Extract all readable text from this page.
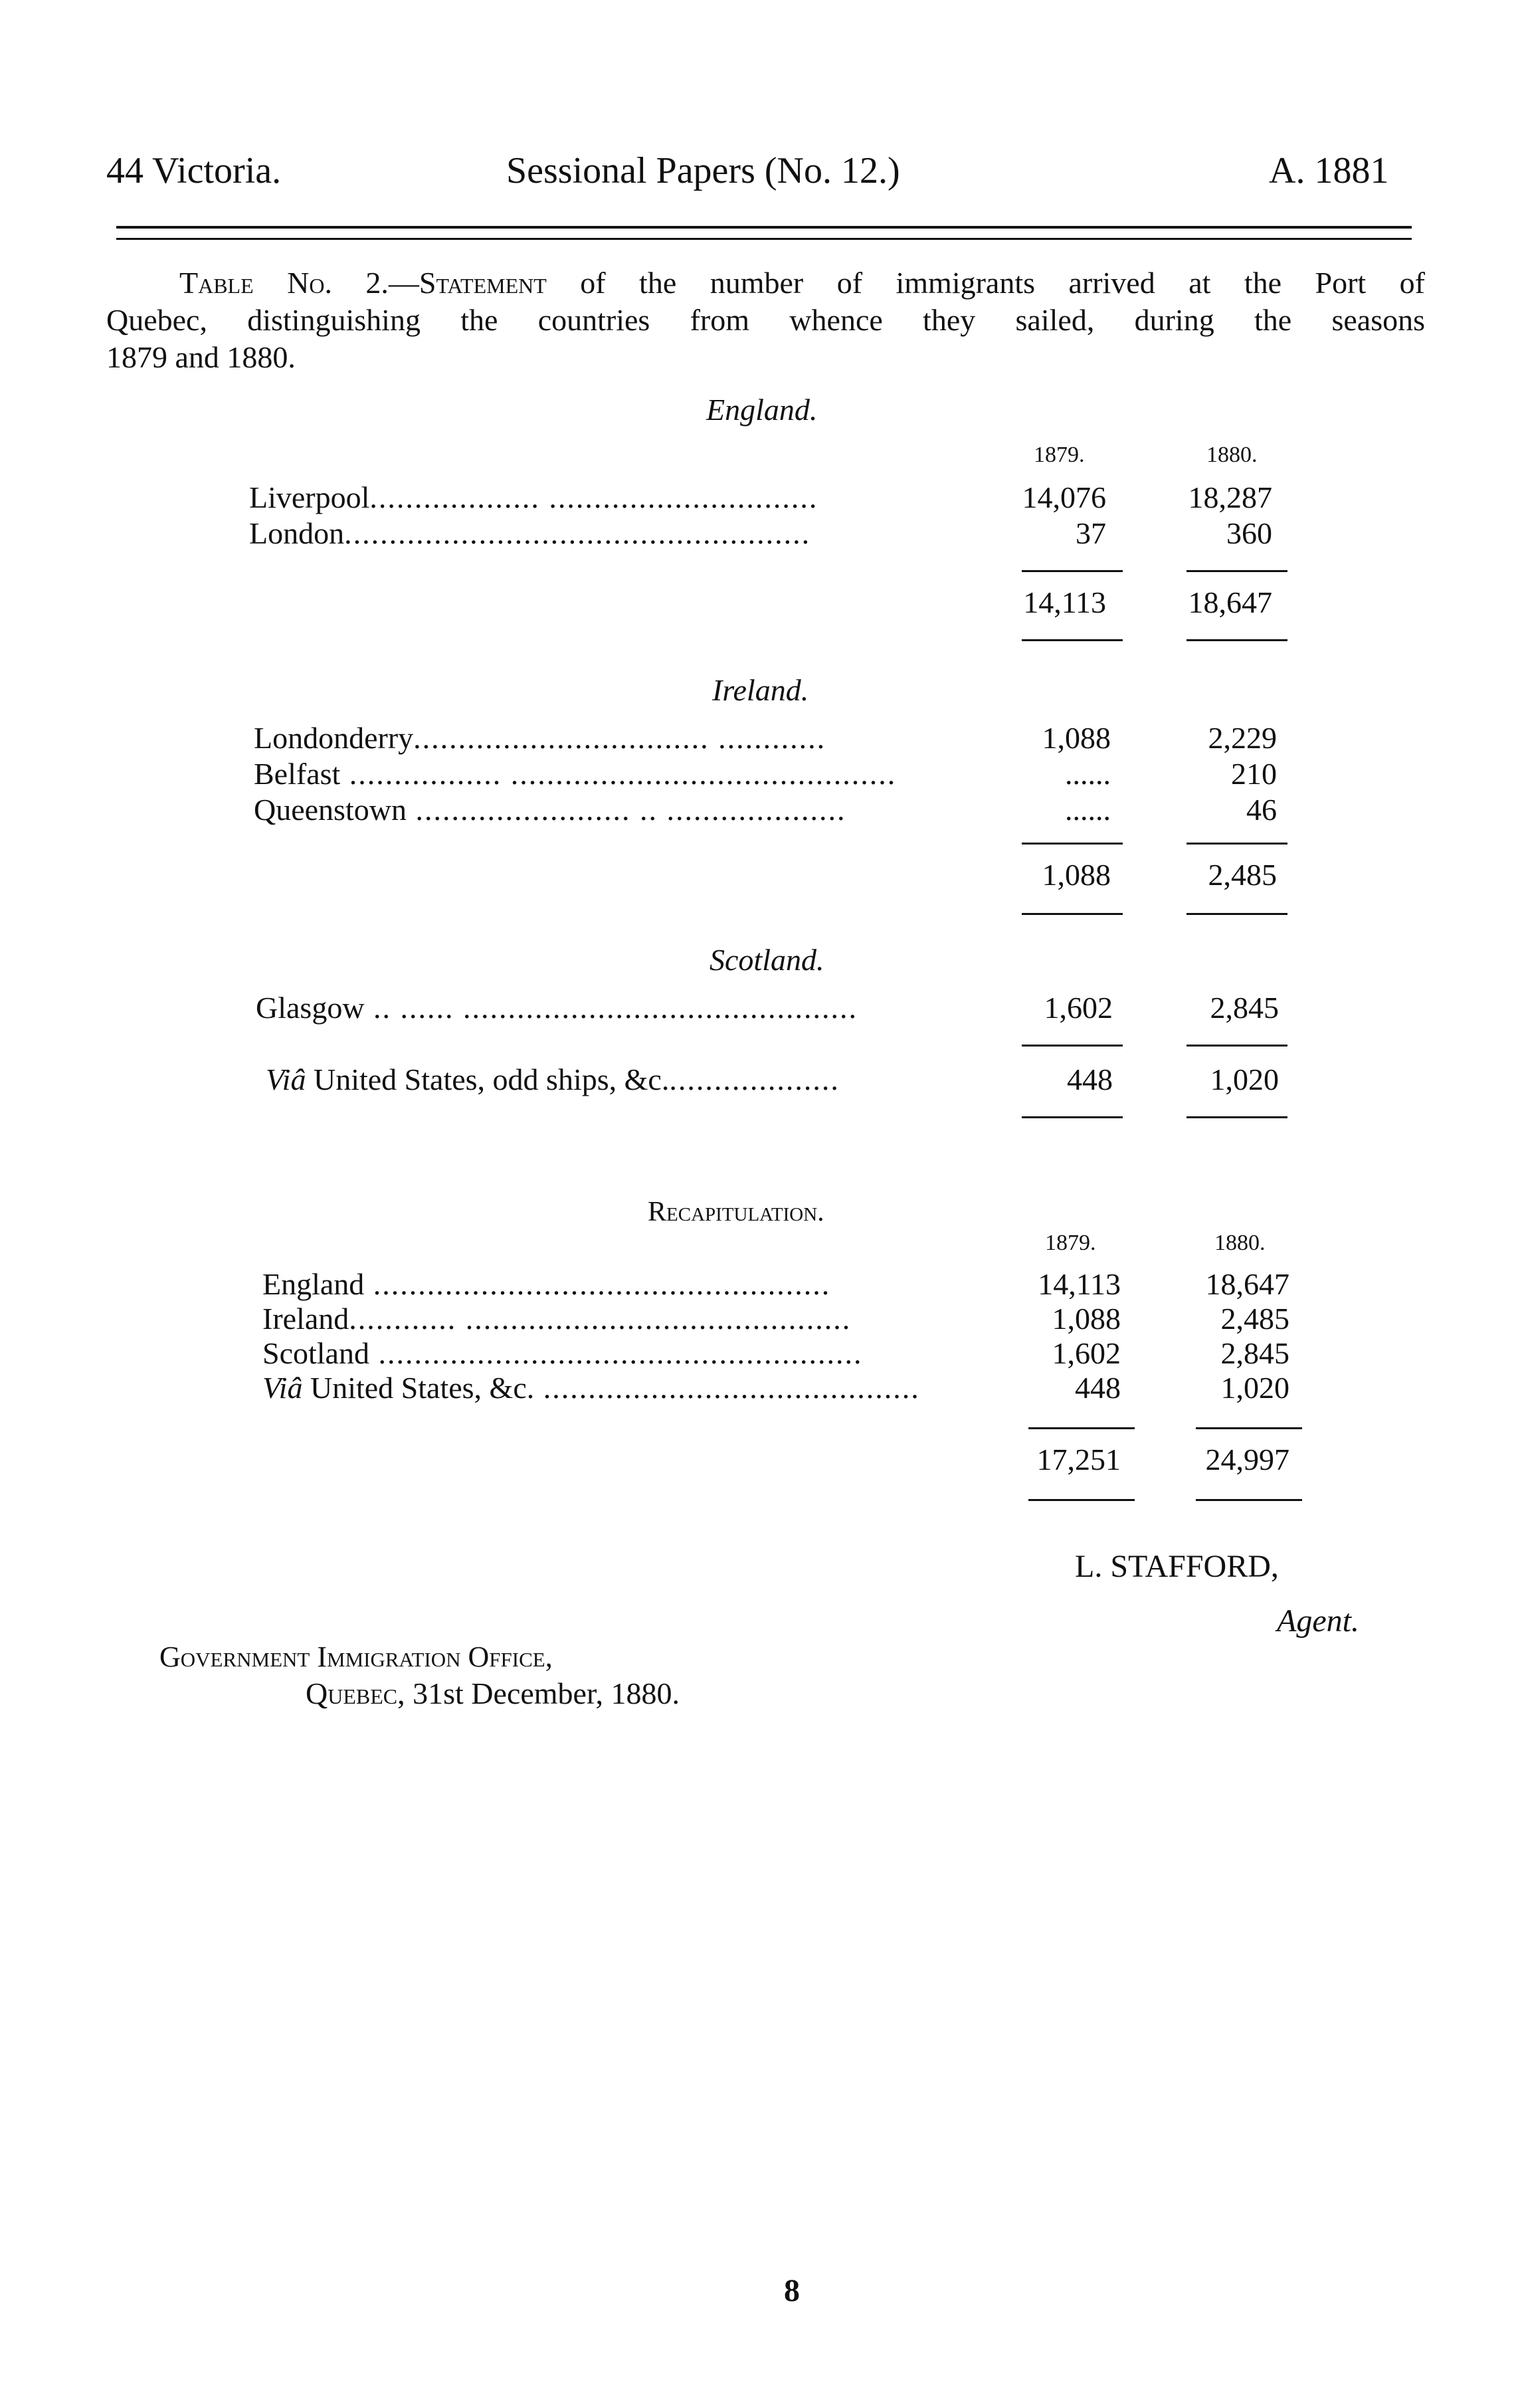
44 Victoria.	Sessional Papers (No. 12.)	A. 1881
Table No. 2.—Statement of the number of immigrants arrived at the Port of
Quebec, distinguishing the countries from whence they sailed, during the seasons
1879 and 1880.
England.
1879.	1880.
Liverpool................... ..............................	14,076	18,287
London....................................................	37	360
14,113	18,647
Ireland.
Londonderry................................. ............	1,088	2,229
Belfast ................. ...........................................	......	210
Queenstown ........................ .. ....................	......	46
1,088	2,485
Scotland.
Glasgow .. ...... ............................................	1,602	2,845
Viâ United States, odd ships, &c....................	448	1,020
Recapitulation.
1879.	1880.
England ...................................................	14,113	18,647
Ireland............ ...........................................	1,088	2,485
Scotland ......................................................	1,602	2,845
Viâ United States, &c. ..........................................	448	1,020
17,251	24,997
L. STAFFORD,
Agent.
Government Immigration Office,
Quebec, 31st December, 1880.
8
